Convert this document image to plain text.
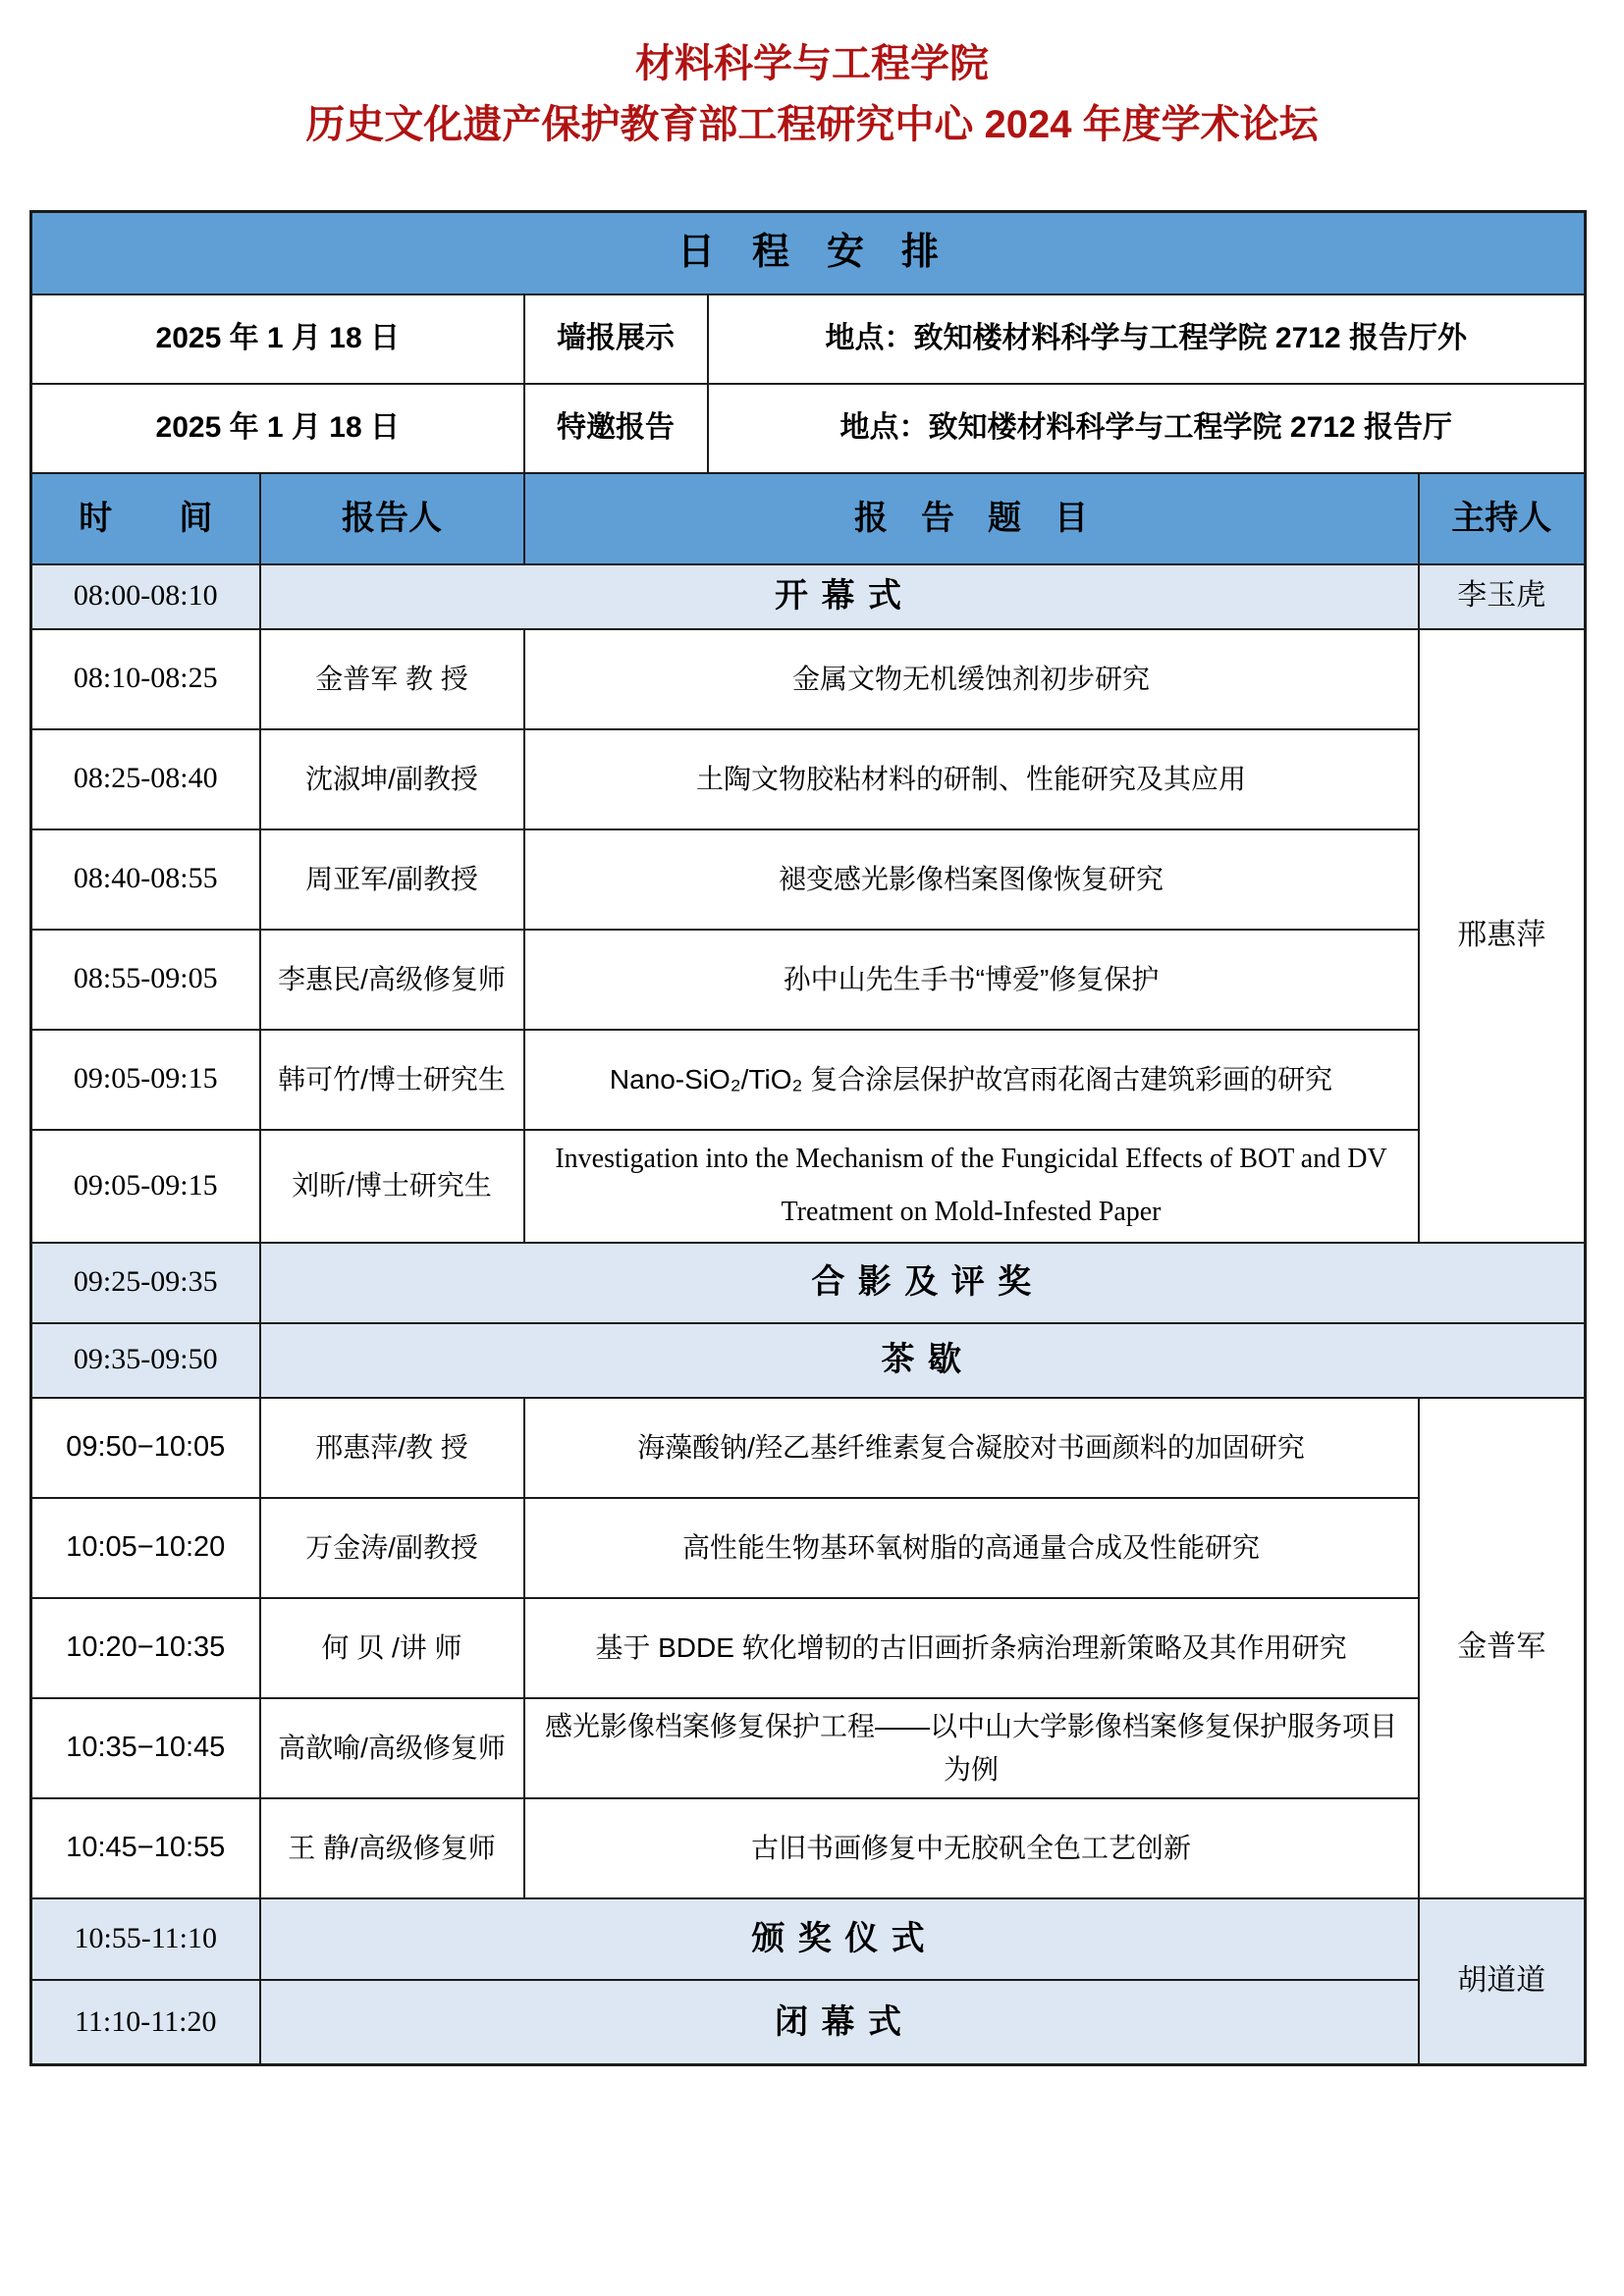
材料科学与工程学院
历史文化遗产保护教育部工程研究中心 2024 年度学术论坛
日　程　安　排				
2025 年 1 月 18 日		墙报展示	地点：致知楼材料科学与工程学院 2712 报告厅外	
2025 年 1 月 18 日		特邀报告	地点：致知楼材料科学与工程学院 2712 报告厅	
时　　间	报告人	报　告　题　目		主持人
08:00-08:10	开 幕 式			李玉虎
08:10-08:25	金普军 教 授	金属文物无机缓蚀剂初步研究		邢惠萍
08:25-08:40	沈淑坤/副教授	土陶文物胶粘材料的研制、性能研究及其应用		
08:40-08:55	周亚军/副教授	褪变感光影像档案图像恢复研究		
08:55-09:05	李惠民/高级修复师	孙中山先生手书“博爱”修复保护		
09:05-09:15	韩可竹/博士研究生	Nano-SiO₂/TiO₂ 复合涂层保护故宫雨花阁古建筑彩画的研究		
09:05-09:15	刘昕/博士研究生	Investigation into the Mechanism of the Fungicidal Effects of BOT and DV Treatment on Mold-Infested Paper		
09:25-09:35	合 影 及 评 奖			
09:35-09:50	茶 歇			
09:50−10:05	邢惠萍/教 授	海藻酸钠/羟乙基纤维素复合凝胶对书画颜料的加固研究		金普军
10:05−10:20	万金涛/副教授	高性能生物基环氧树脂的高通量合成及性能研究		
10:20−10:35	何 贝 /讲 师	基于 BDDE 软化增韧的古旧画折条病治理新策略及其作用研究		
10:35−10:45	高歆喻/高级修复师	感光影像档案修复保护工程——以中山大学影像档案修复保护服务项目为例		
10:45−10:55	王 静/高级修复师	古旧书画修复中无胶矾全色工艺创新		
10:55-11:10	颁 奖 仪 式			胡道道
11:10-11:20	闭 幕 式			
